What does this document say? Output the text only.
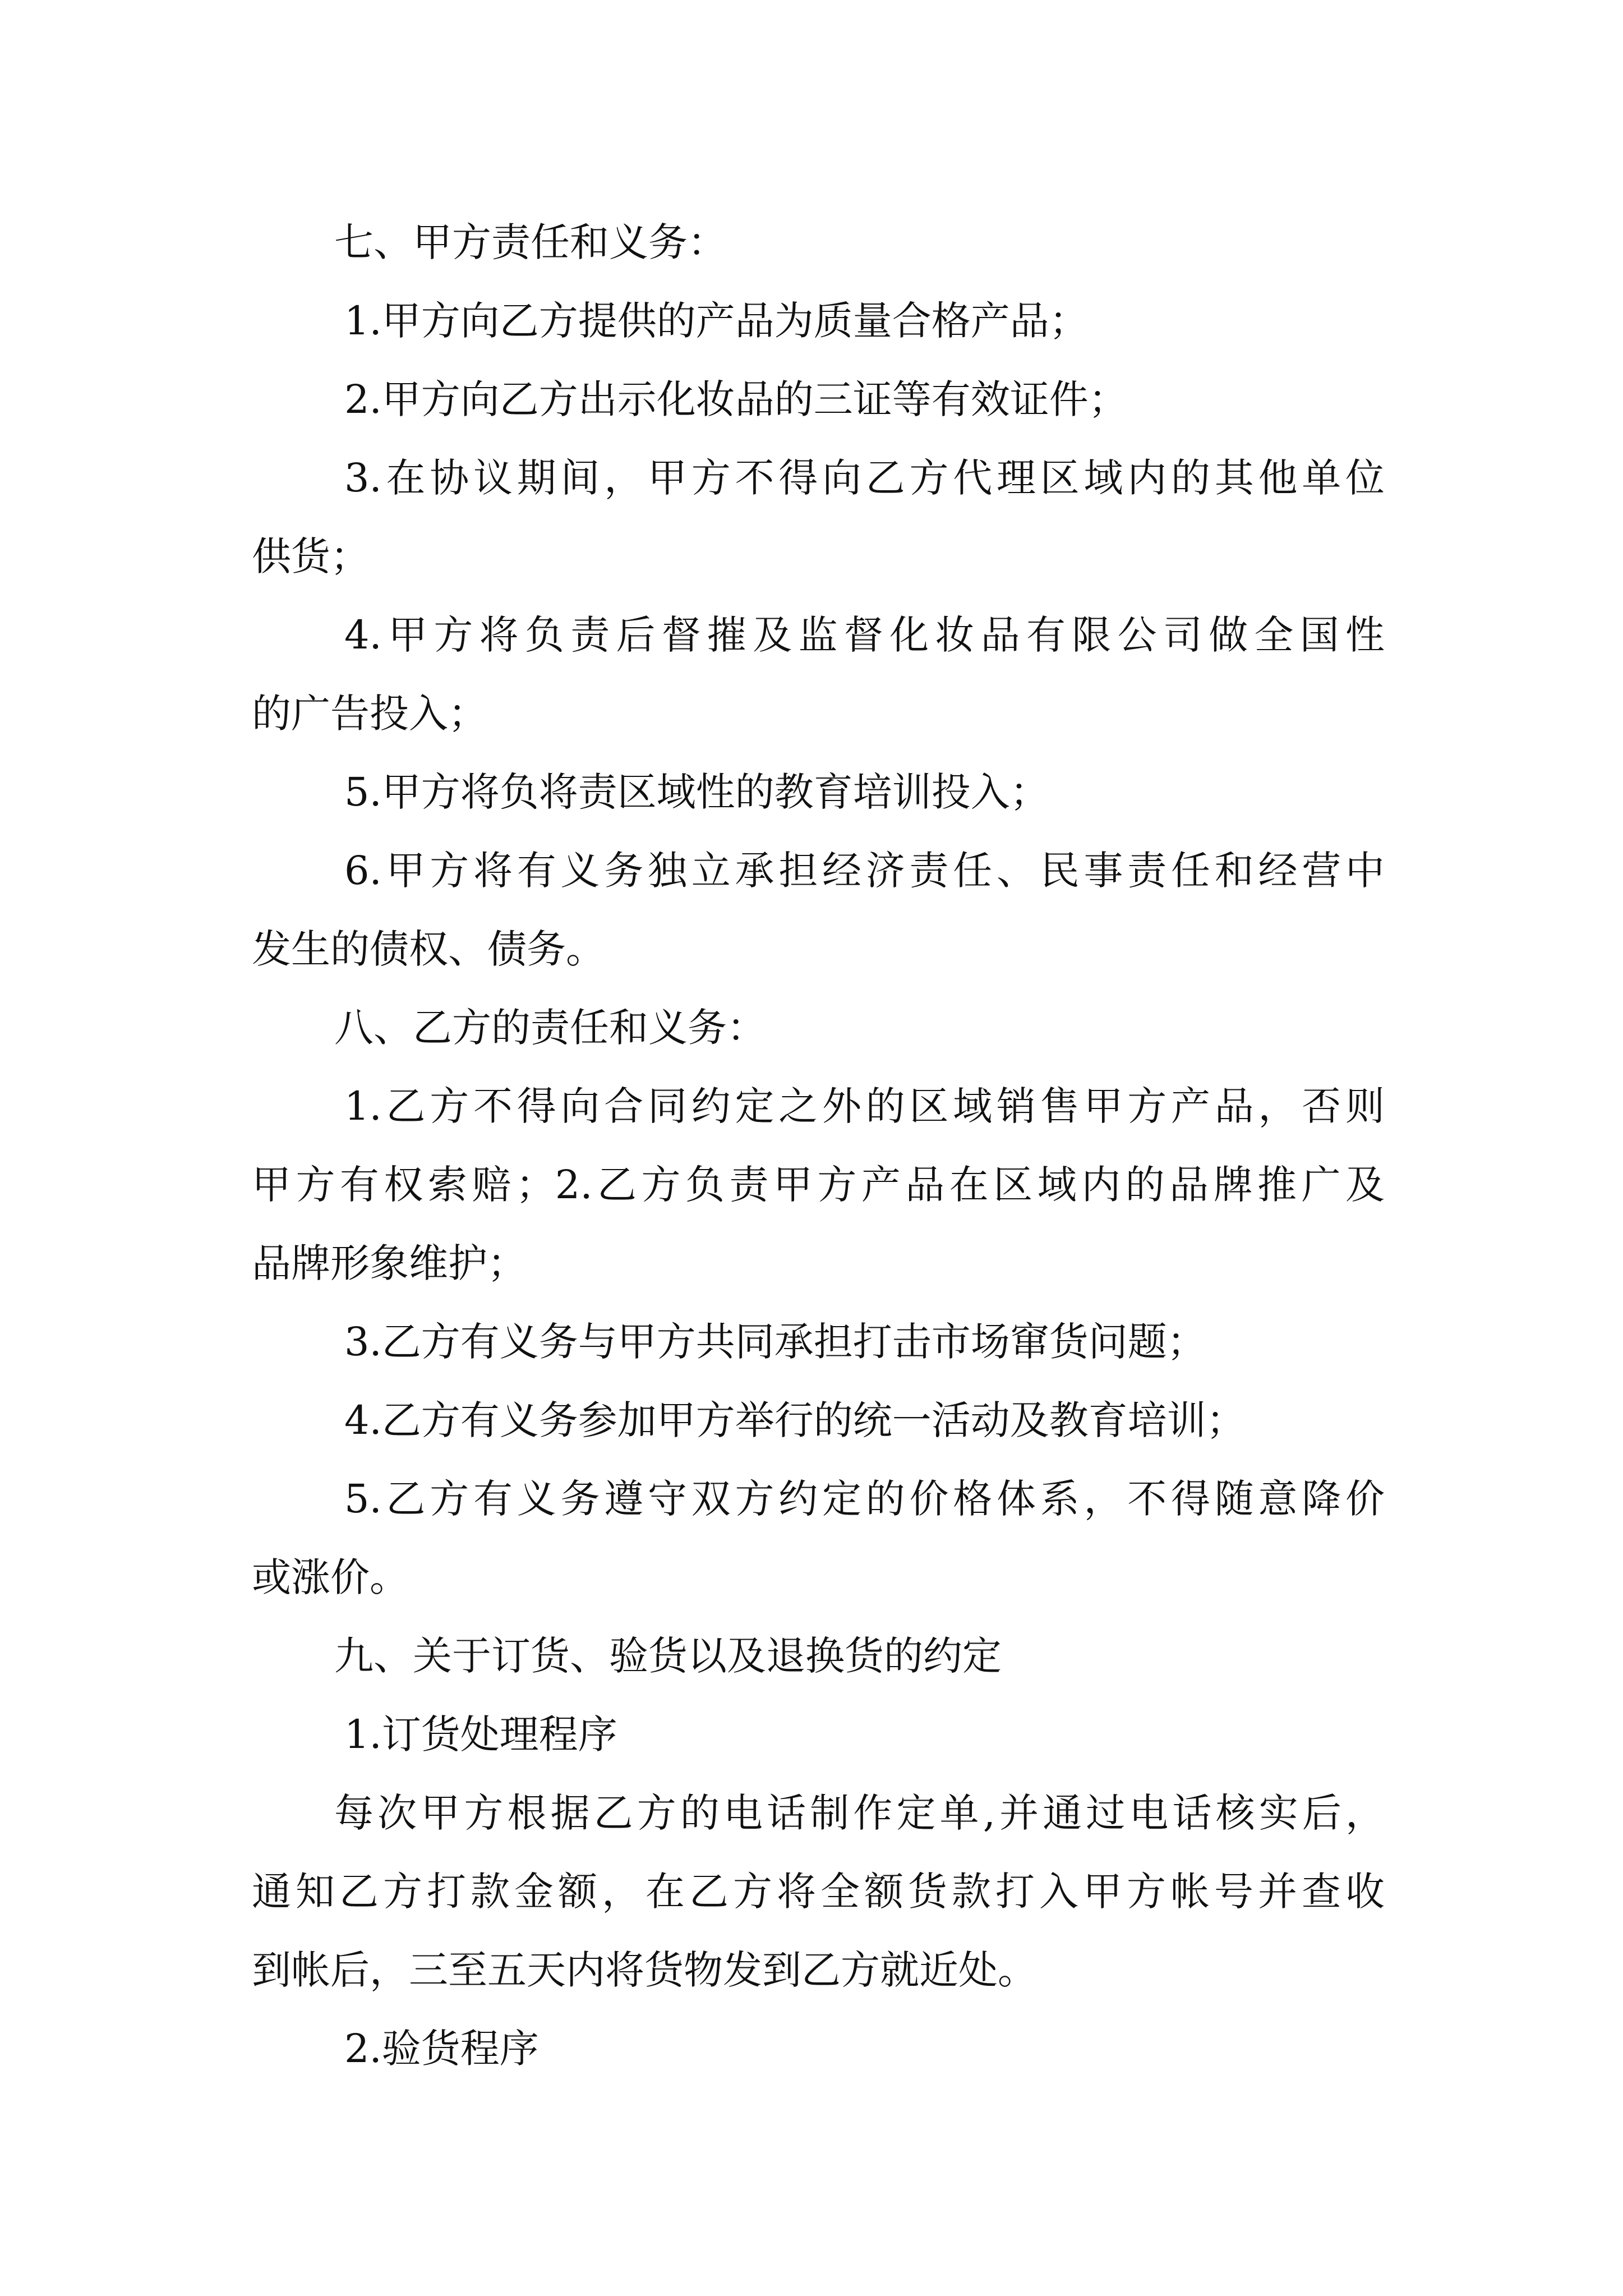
七、甲方责任和义务：
1.甲方向乙方提供的产品为质量合格产品；
2.甲方向乙方出示化妆品的三证等有效证件；
3.在协议期间，甲方不得向乙方代理区域内的其他单位
供货；
4.甲方将负责后督摧及监督化妆品有限公司做全国性
的广告投入；
5.甲方将负将责区域性的教育培训投入；
6.甲方将有义务独立承担经济责任、民事责任和经营中
发生的债权、债务。
八、乙方的责任和义务：
1.乙方不得向合同约定之外的区域销售甲方产品，否则
甲方有权索赔；2.乙方负责甲方产品在区域内的品牌推广及
品牌形象维护；
3.乙方有义务与甲方共同承担打击市场窜货问题；
4.乙方有义务参加甲方举行的统一活动及教育培训；
5.乙方有义务遵守双方约定的价格体系，不得随意降价
或涨价。
九、关于订货、验货以及退换货的约定
1.订货处理程序
每次甲方根据乙方的电话制作定单,并通过电话核实后，
通知乙方打款金额，在乙方将全额货款打入甲方帐号并查收
到帐后，三至五天内将货物发到乙方就近处。
2.验货程序
